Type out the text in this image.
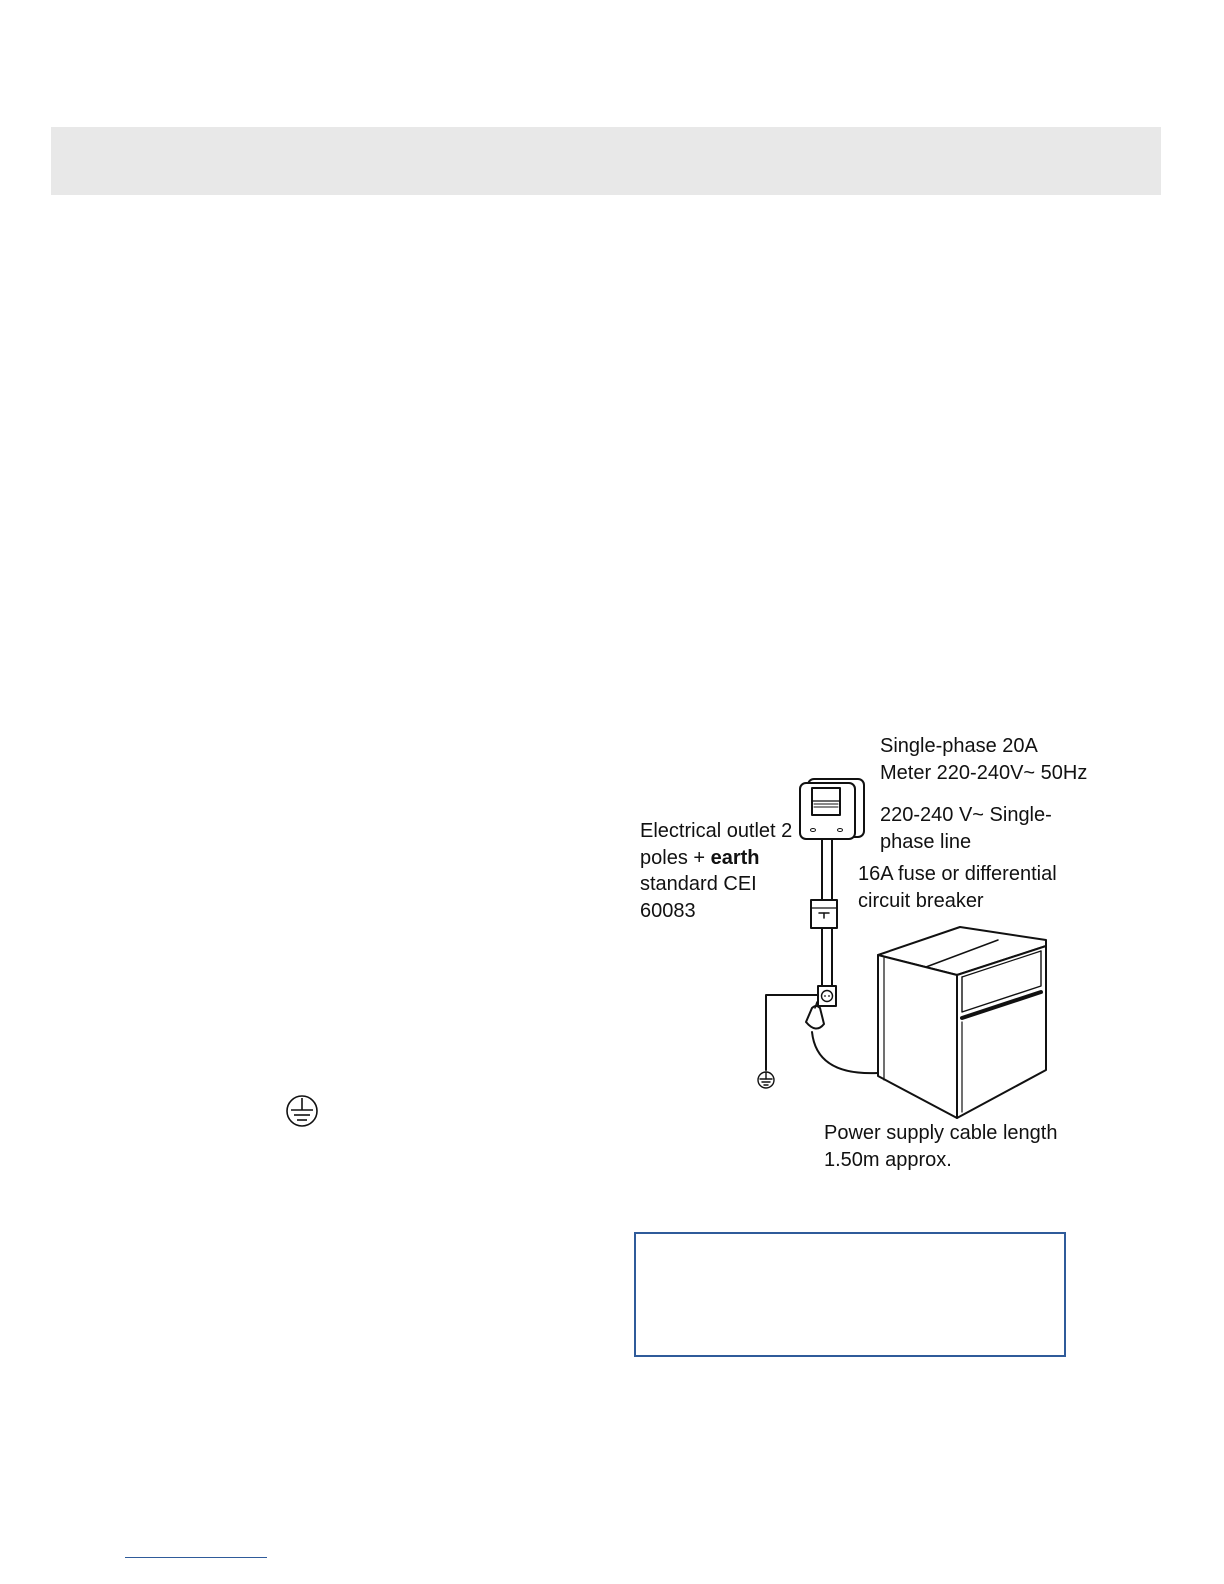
Single-phase 20A
Meter 220-240V~ 50Hz
220-240 V~ Single-
phase line
Electrical outlet 2
poles + earth
standard CEI
60083
16A fuse or differential
circuit breaker
Power supply cable length
1.50m approx.
